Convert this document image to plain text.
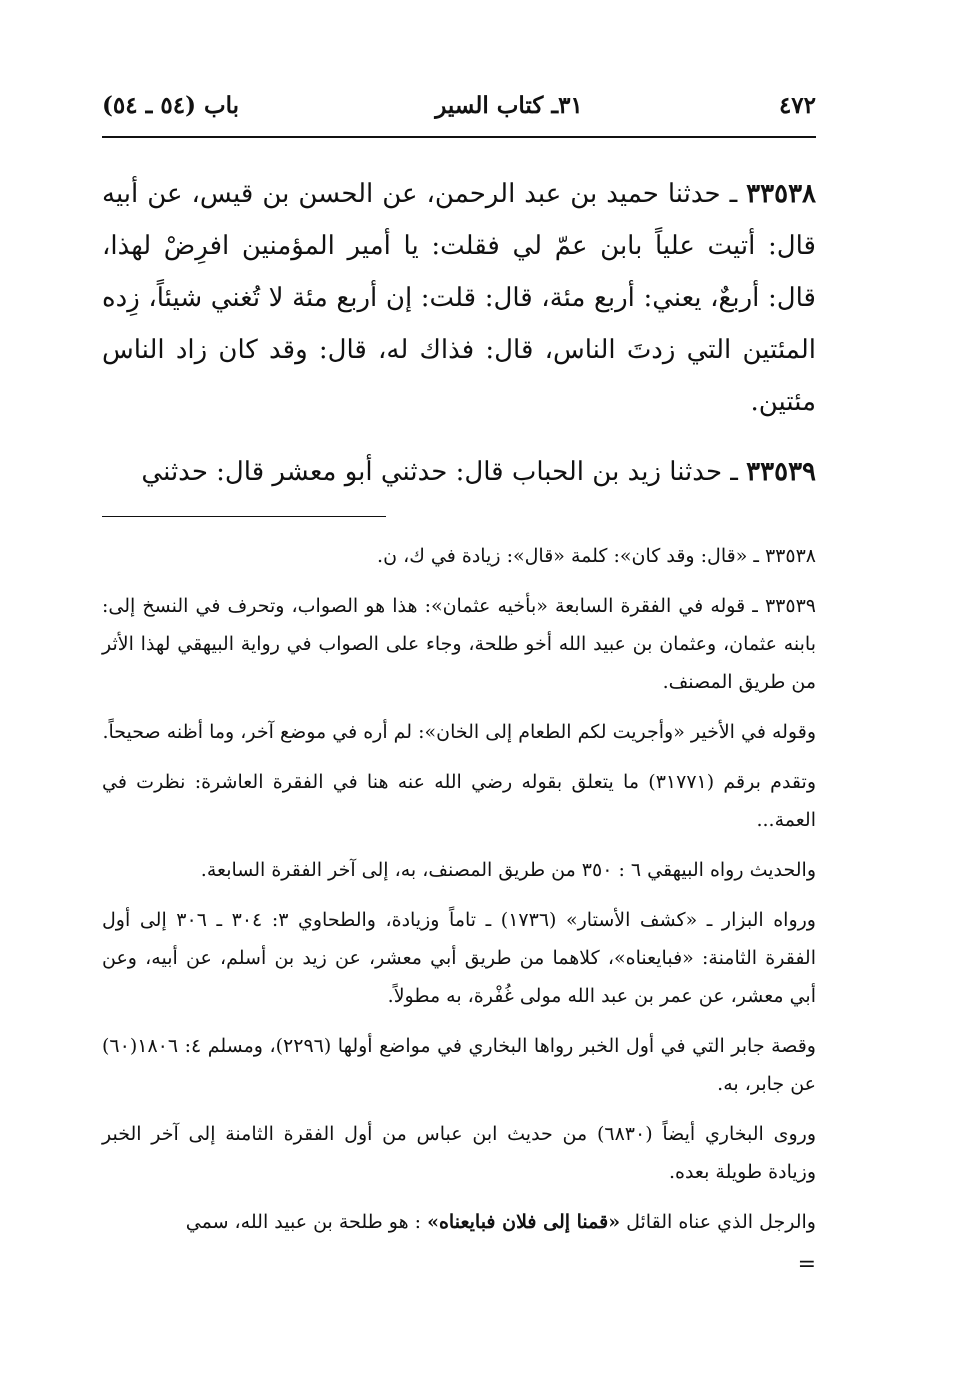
٤٧٢
٣١ـ كتاب السير
باب (٥٤ ـ ٥٤)

٣٣٥٣٨ ـ حدثنا حميد بن عبد الرحمن، عن الحسن بن قيس، عن أبيه قال: أتيت علياً بابن عمّ لي فقلت: يا أمير المؤمنين افرِضْ لهذا، قال: أربعٌ، يعني: أربع مئة، قال: قلت: إن أربع مئة لا تُغني شيئاً، زِده المئتين التي زدتَ الناس، قال: فذاك له، قال: وقد كان زاد الناس مئتين.

٣٣٥٣٩ ـ حدثنا زيد بن الحباب قال: حدثني أبو معشر قال: حدثني

٣٣٥٣٨ ـ «قال: وقد كان»: كلمة «قال»: زيادة في ك، ن.

٣٣٥٣٩ ـ قوله في الفقرة السابعة «بأخيه عثمان»: هذا هو الصواب، وتحرف في النسخ إلى: بابنه عثمان، وعثمان بن عبيد الله أخو طلحة، وجاء على الصواب في رواية البيهقي لهذا الأثر من طريق المصنف.

وقوله في الأخير «وأجريت لكم الطعام إلى الخان»: لم أره في موضع آخر، وما أظنه صحيحاً.

وتقدم برقم (٣١٧٧١) ما يتعلق بقوله رضي الله عنه هنا في الفقرة العاشرة: نظرت في العمة...

والحديث رواه البيهقي ٦ : ٣٥٠ من طريق المصنف، به، إلى آخر الفقرة السابعة.

ورواه البزار ـ «كشف الأستار» (١٧٣٦) ـ تاماً وزيادة، والطحاوي ٣: ٣٠٤ ـ ٣٠٦ إلى أول الفقرة الثامنة: «فبايعناه»، كلاهما من طريق أبي معشر، عن زيد بن أسلم، عن أبيه، وعن أبي معشر، عن عمر بن عبد الله مولى غُفْرة، به مطولاً.

وقصة جابر التي في أول الخبر رواها البخاري في مواضع أولها (٢٢٩٦)، ومسلم ٤: ١٨٠٦(٦٠) عن جابر، به.

وروى البخاري أيضاً (٦٨٣٠) من حديث ابن عباس من أول الفقرة الثامنة إلى آخر الخبر وزيادة طويلة بعده.

والرجل الذي عناه القائل «قمنا إلى فلان فبايعناه» : هو طلحة بن عبيد الله، سمي

=
